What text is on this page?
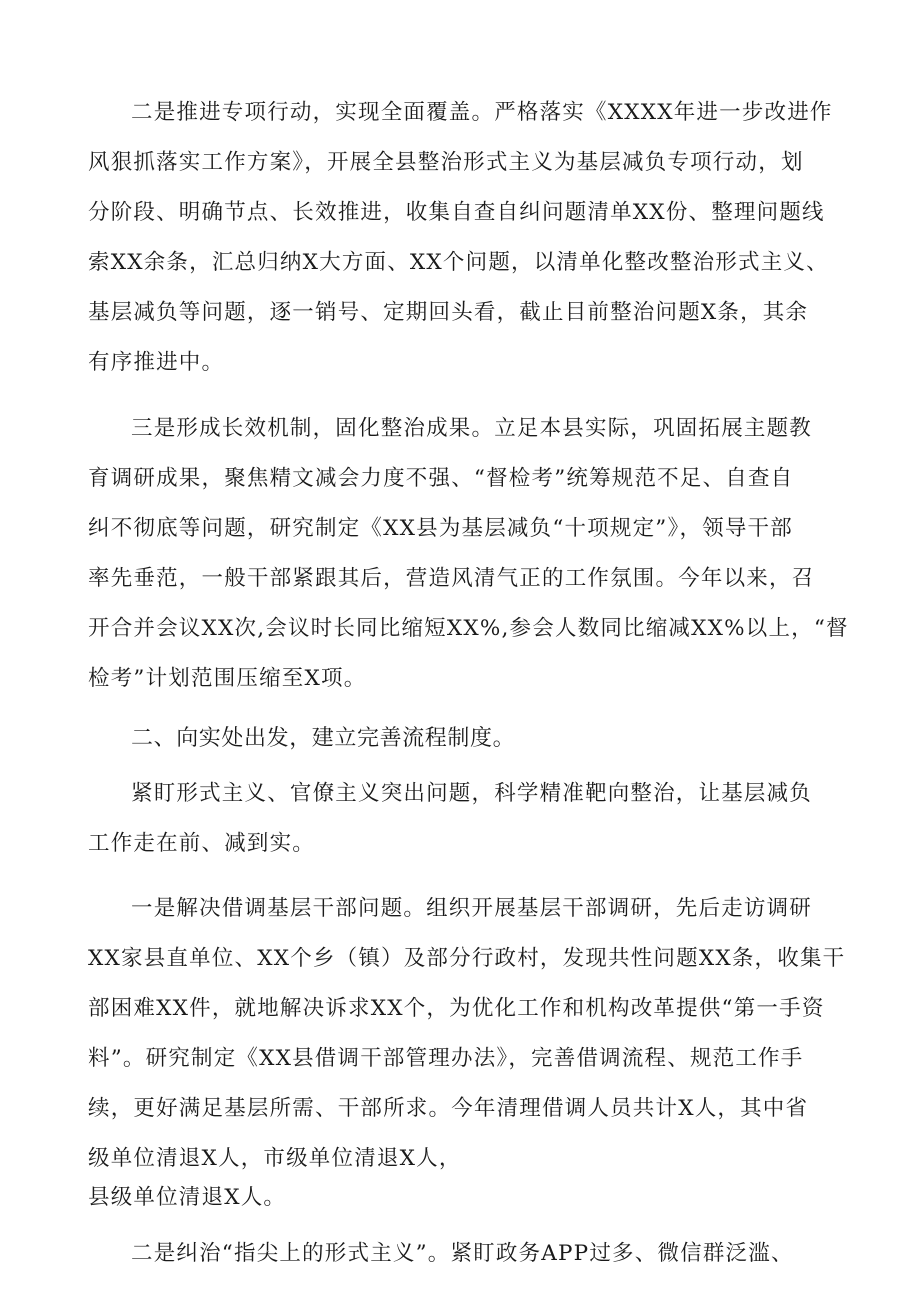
二是推进专项行动，实现全面覆盖。严格落实《XXXX年进一步改进作
风狠抓落实工作方案》，开展全县整治形式主义为基层减负专项行动，划
分阶段、明确节点、长效推进，收集自查自纠问题清单XX份、整理问题线
索XX余条，汇总归纳X大方面、XX个问题，以清单化整改整治形式主义、
基层减负等问题，逐一销号、定期回头看，截止目前整治问题X条，其余
有序推进中。
三是形成长效机制，固化整治成果。立足本县实际，巩固拓展主题教
育调研成果，聚焦精文减会力度不强、“督检考”统筹规范不足、自查自
纠不彻底等问题，研究制定《XX县为基层减负“十项规定”》，领导干部
率先垂范，一般干部紧跟其后，营造风清气正的工作氛围。今年以来，召
开合并会议XX次,会议时长同比缩短XX%,参会人数同比缩减XX%以上，“督
检考”计划范围压缩至X项。
二、向实处出发，建立完善流程制度。
紧盯形式主义、官僚主义突出问题，科学精准靶向整治，让基层减负
工作走在前、减到实。
一是解决借调基层干部问题。组织开展基层干部调研，先后走访调研
XX家县直单位、XX个乡（镇）及部分行政村，发现共性问题XX条，收集干
部困难XX件，就地解决诉求XX个，为优化工作和机构改革提供“第一手资
料”。研究制定《XX县借调干部管理办法》，完善借调流程、规范工作手
续，更好满足基层所需、干部所求。今年清理借调人员共计X人，其中省
级单位清退X人，市级单位清退X人，
县级单位清退X人。
二是纠治“指尖上的形式主义”。紧盯政务APP过多、微信群泛滥、
